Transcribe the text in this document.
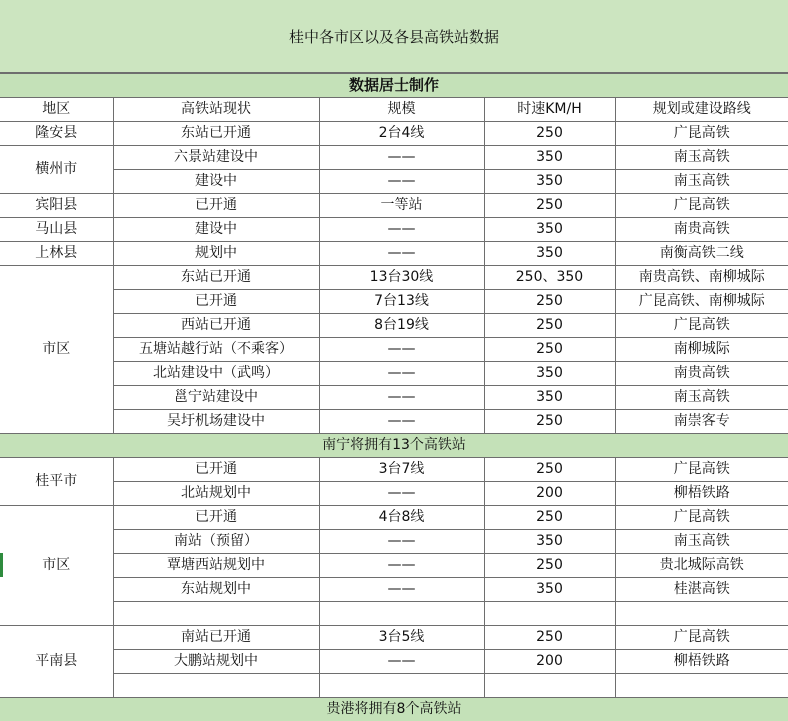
桂中各市区以及各县高铁站数据
数据居士制作				
地区	高铁站现状	规模	时速KM/H	规划或建设路线
隆安县	东站已开通	2台4线	250	广昆高铁
横州市	六景站建设中	——	350	南玉高铁
	建设中	——	350	南玉高铁
宾阳县	已开通	一等站	250	广昆高铁
马山县	建设中	——	350	南贵高铁
上林县	规划中	——	350	南衡高铁二线
市区	东站已开通	13台30线	250、350	南贵高铁、南柳城际
	已开通	7台13线	250	广昆高铁、南柳城际
	西站已开通	8台19线	250	广昆高铁
	五塘站越行站（不乘客）	——	250	南柳城际
	北站建设中（武鸣）	——	350	南贵高铁
	邕宁站建设中	——	350	南玉高铁
	吴圩机场建设中	——	250	南崇客专
南宁将拥有13个高铁站				
桂平市	已开通	3台7线	250	广昆高铁
	北站规划中	——	200	柳梧铁路
市区	已开通	4台8线	250	广昆高铁
	南站（预留）	——	350	南玉高铁
	覃塘西站规划中	——	250	贵北城际高铁
	东站规划中	——	350	桂湛高铁

平南县	南站已开通	3台5线	250	广昆高铁
	大鹏站规划中	——	200	柳梧铁路

贵港将拥有8个高铁站				
